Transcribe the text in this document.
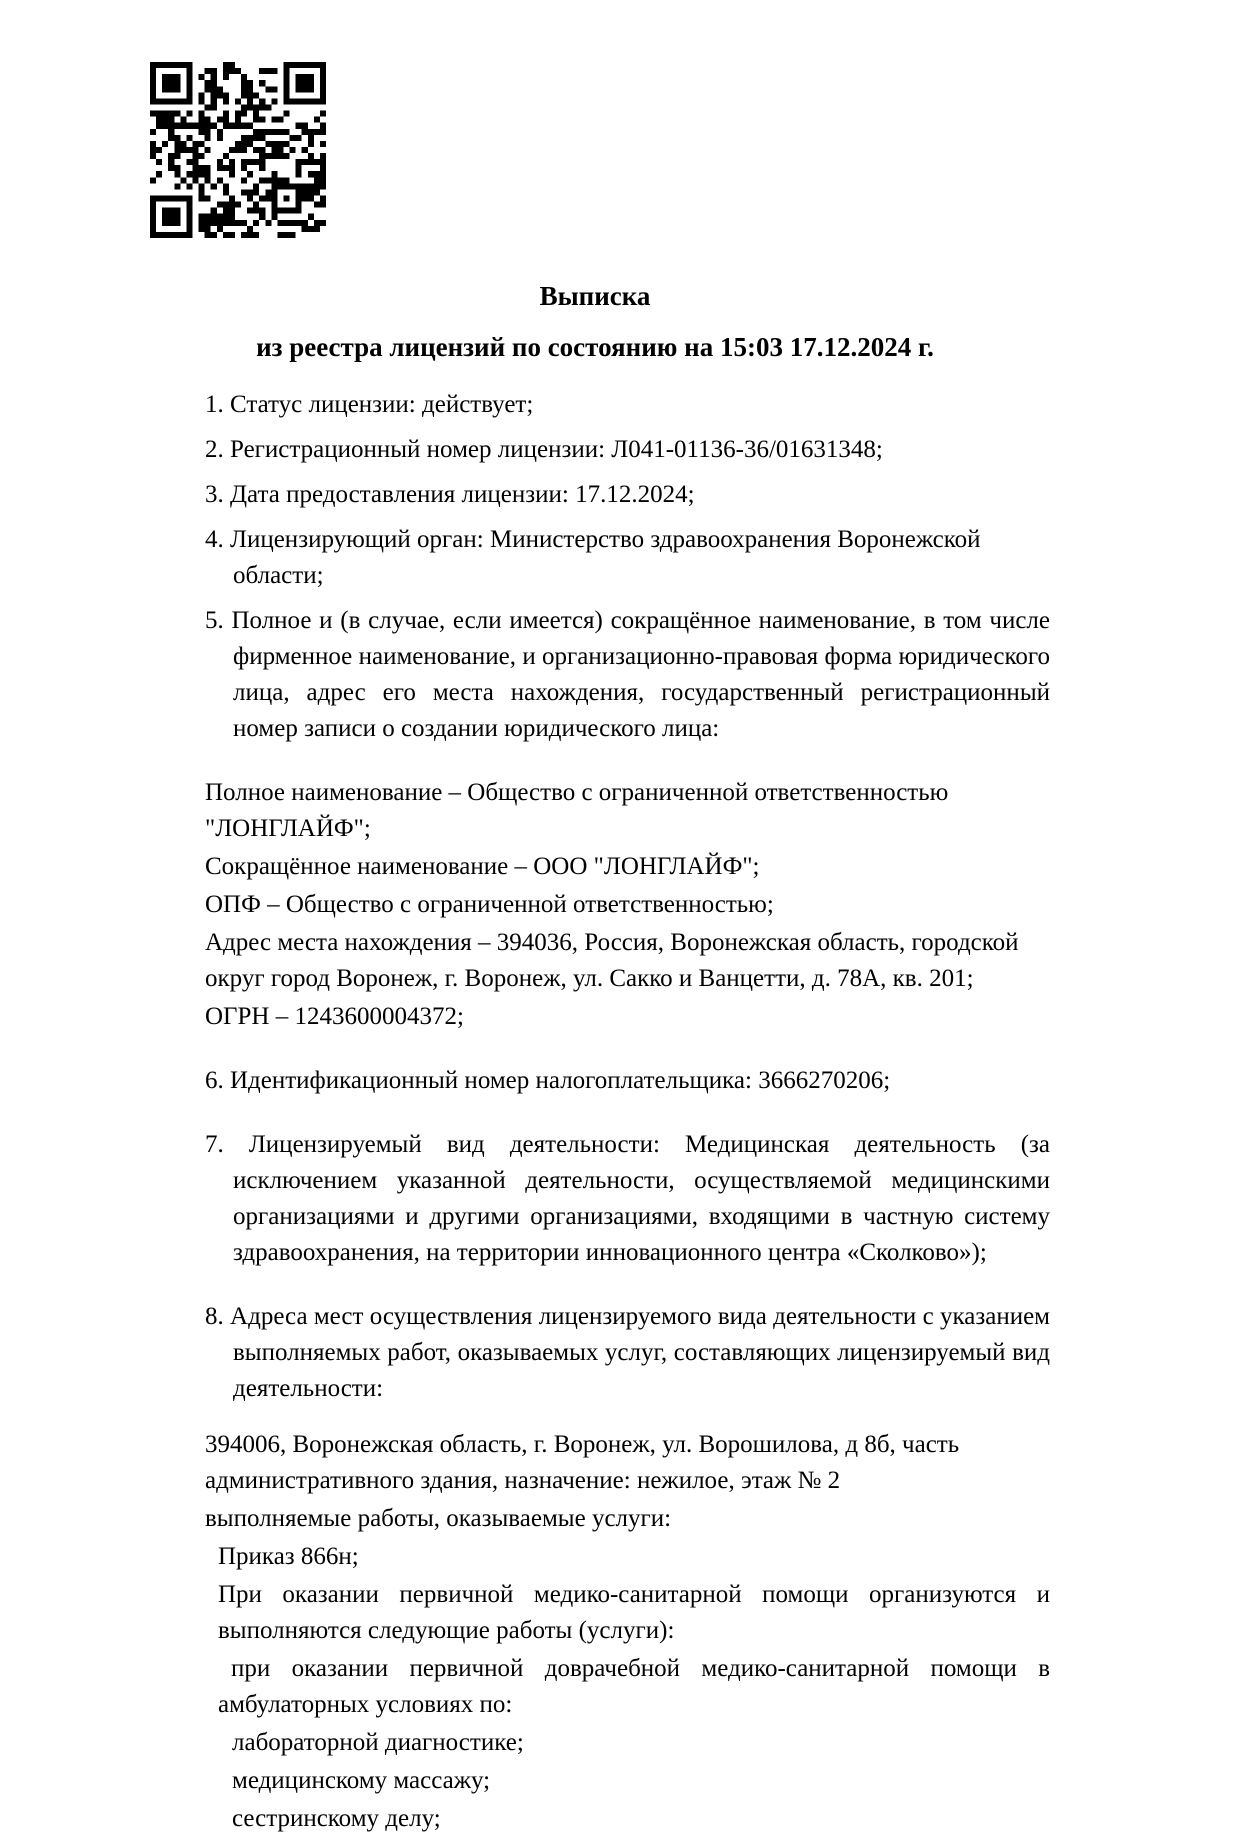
Выписка
из реестра лицензий по состоянию на 15:03 17.12.2024 г.
1. Статус лицензии: действует;
2. Регистрационный номер лицензии: Л041-01136-36/01631348;
3. Дата предоставления лицензии: 17.12.2024;
4. Лицензирующий орган: Министерство здравоохранения Воронежской области;
5. Полное и (в случае, если имеется) сокращённое наименование, в том числе фирменное наименование, и организационно-правовая форма юридического лица, адрес его места нахождения, государственный регистрационный номер записи о создании юридического лица:
Полное наименование – Общество с ограниченной ответственностью "ЛОНГЛАЙФ";
Сокращённое наименование – ООО "ЛОНГЛАЙФ";
ОПФ – Общество с ограниченной ответственностью;
Адрес места нахождения – 394036, Россия, Воронежская область, городской округ город Воронеж, г. Воронеж, ул. Сакко и Ванцетти, д. 78А, кв. 201;
ОГРН – 1243600004372;
6. Идентификационный номер налогоплательщика: 3666270206;
7. Лицензируемый вид деятельности: Медицинская деятельность (за исключением указанной деятельности, осуществляемой медицинскими организациями и другими организациями, входящими в частную систему здравоохранения, на территории инновационного центра «Сколково»);
8. Адреса мест осуществления лицензируемого вида деятельности с указанием выполняемых работ, оказываемых услуг, составляющих лицензируемый вид деятельности:
394006, Воронежская область, г. Воронеж, ул. Ворошилова, д 8б, часть административного здания, назначение: нежилое, этаж № 2
выполняемые работы, оказываемые услуги:
Приказ 866н;
При оказании первичной медико-санитарной помощи организуются и выполняются следующие работы (услуги):
при оказании первичной доврачебной медико-санитарной помощи в амбулаторных условиях по:
лабораторной диагностике;
медицинскому массажу;
сестринскому делу;
